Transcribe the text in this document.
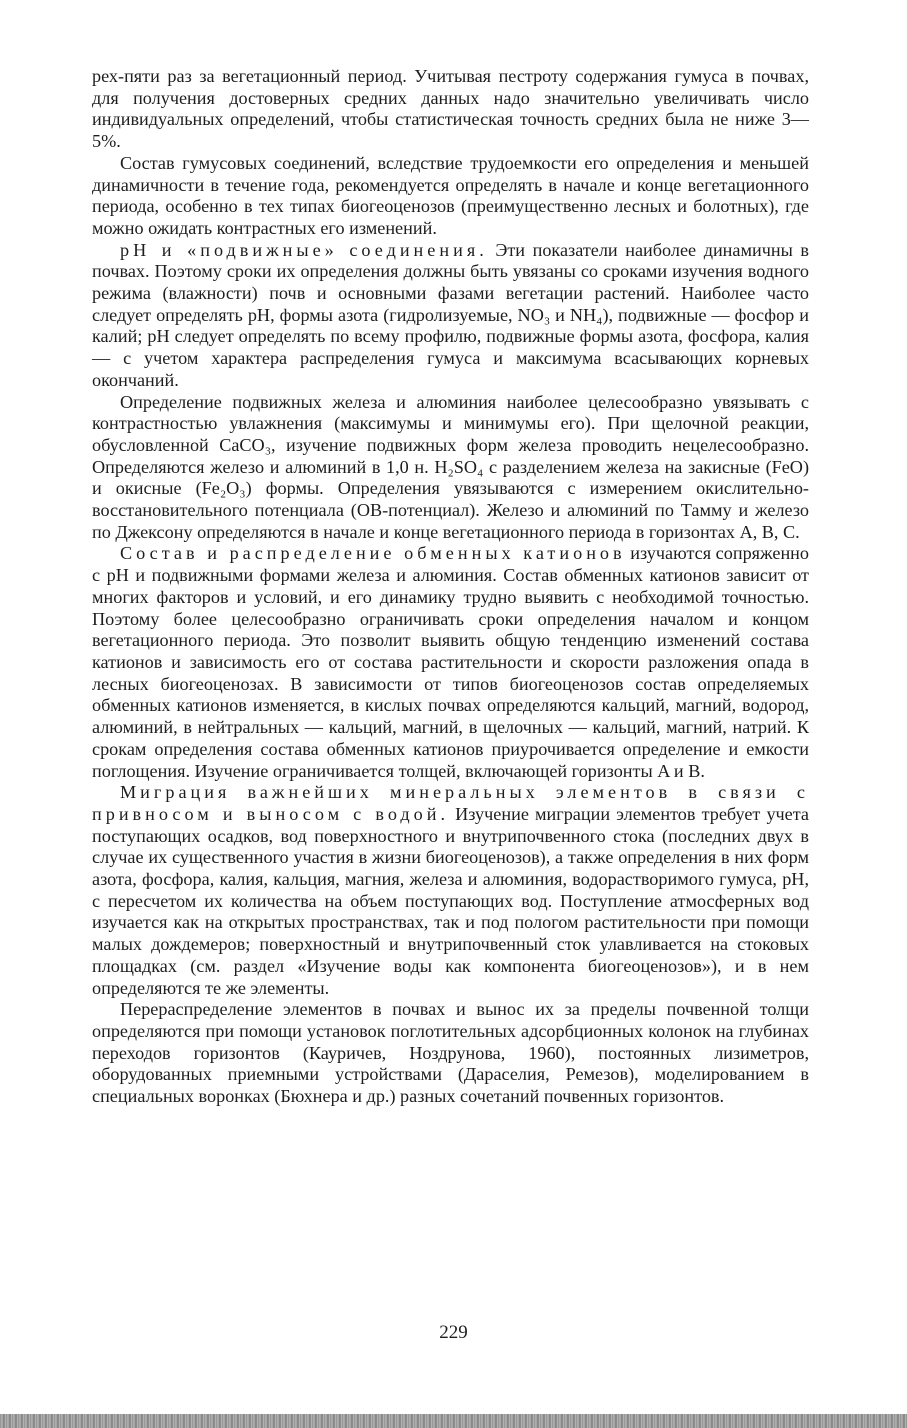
рех-пяти раз за вегетационный период. Учитывая пестроту содержания гумуса в почвах, для получения достоверных средних данных надо значительно увеличивать число индивидуальных определений, чтобы статистическая точность средних была не ниже 3—5%.

Состав гумусовых соединений, вследствие трудоемкости его определения и меньшей динамичности в течение года, рекомендуется определять в начале и конце вегетационного периода, особенно в тех типах биогеоценозов (преимущественно лесных и болотных), где можно ожидать контрастных его изменений.

pH и «подвижные» соединения. Эти показатели наиболее динамичны в почвах. Поэтому сроки их определения должны быть увязаны со сроками изучения водного режима (влажности) почв и основными фазами вегетации растений. Наиболее часто следует определять pH, формы азота (гидролизуемые, NO₃ и NH₄), подвижные — фосфор и калий; pH следует определять по всему профилю, подвижные формы азота, фосфора, калия — с учетом характера распределения гумуса и максимума всасывающих корневых окончаний.

Определение подвижных железа и алюминия наиболее целесообразно увязывать с контрастностью увлажнения (максимумы и минимумы его). При щелочной реакции, обусловленной CaCO₃, изучение подвижных форм железа проводить нецелесообразно. Определяются железо и алюминий в 1,0 н. H₂SO₄ с разделением железа на закисные (FeO) и окисные (Fe₂O₃) формы. Определения увязываются с измерением окислительно-восстановительного потенциала (ОВ-потенциал). Железо и алюминий по Тамму и железо по Джексону определяются в начале и конце вегетационного периода в горизонтах A, B, C.

Состав и распределение обменных катионов изучаются сопряженно с pH и подвижными формами железа и алюминия. Состав обменных катионов зависит от многих факторов и условий, и его динамику трудно выявить с необходимой точностью. Поэтому более целесообразно ограничивать сроки определения началом и концом вегетационного периода. Это позволит выявить общую тенденцию изменений состава катионов и зависимость его от состава растительности и скорости разложения опада в лесных биогеоценозах. В зависимости от типов биогеоценозов состав определяемых обменных катионов изменяется, в кислых почвах определяются кальций, магний, водород, алюминий, в нейтральных — кальций, магний, в щелочных — кальций, магний, натрий. К срокам определения состава обменных катионов приурочивается определение и емкости поглощения. Изучение ограничивается толщей, включающей горизонты A и B.

Миграция важнейших минеральных элементов в связи с привносом и выносом с водой. Изучение миграции элементов требует учета поступающих осадков, вод поверхностного и внутрипочвенного стока (последних двух в случае их существенного участия в жизни биогеоценозов), а также определения в них форм азота, фосфора, калия, кальция, магния, железа и алюминия, водорастворимого гумуса, pH, с пересчетом их количества на объем поступающих вод. Поступление атмосферных вод изучается как на открытых пространствах, так и под пологом растительности при помощи малых дождемеров; поверхностный и внутрипочвенный сток улавливается на стоковых площадках (см. раздел «Изучение воды как компонента биогеоценозов»), и в нем определяются те же элементы.

Перераспределение элементов в почвах и вынос их за пределы почвенной толщи определяются при помощи установок поглотительных адсорбционных колонок на глубинах переходов горизонтов (Кауричев, Ноздрунова, 1960), постоянных лизиметров, оборудованных приемными устройствами (Дараселия, Ремезов), моделированием в специальных воронках (Бюхнера и др.) разных сочетаний почвенных горизонтов.

229
